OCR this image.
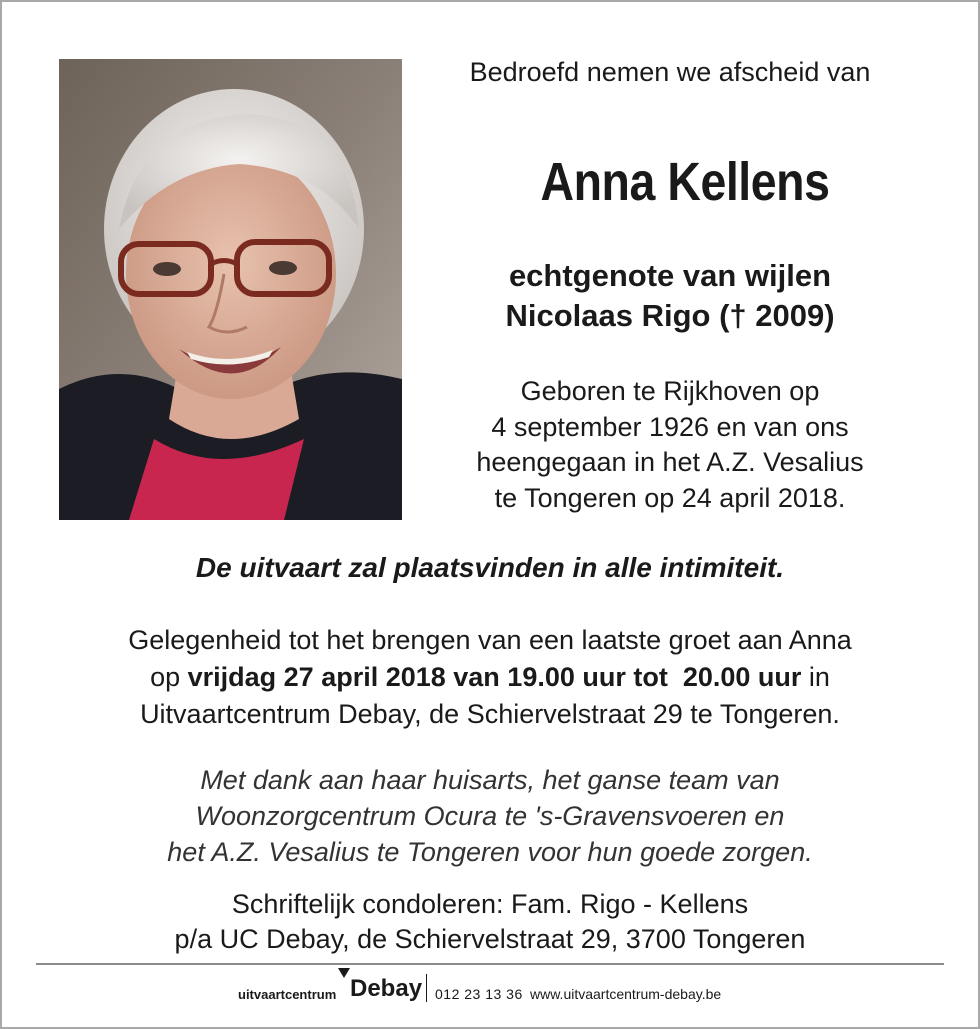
Bedroefd nemen we afscheid van
Anna Kellens
echtgenote van wijlen
Nicolaas Rigo († 2009)
Geboren te Rijkhoven op
4 september 1926 en van ons
heengegaan in het A.Z. Vesalius
te Tongeren op 24 april 2018.
De uitvaart zal plaatsvinden in alle intimiteit.
Gelegenheid tot het brengen van een laatste groet aan Anna
op vrijdag 27 april 2018 van 19.00 uur tot  20.00 uur in
Uitvaartcentrum Debay, de Schiervelstraat 29 te Tongeren.
Met dank aan haar huisarts, het ganse team van
Woonzorgcentrum Ocura te 's-Gravensvoeren en
het A.Z. Vesalius te Tongeren voor hun goede zorgen.
Schriftelijk condoleren: Fam. Rigo - Kellens
p/a UC Debay, de Schiervelstraat 29, 3700 Tongeren
uitvaartcentrum Debay 012 23 13 36 www.uitvaartcentrum-debay.be
